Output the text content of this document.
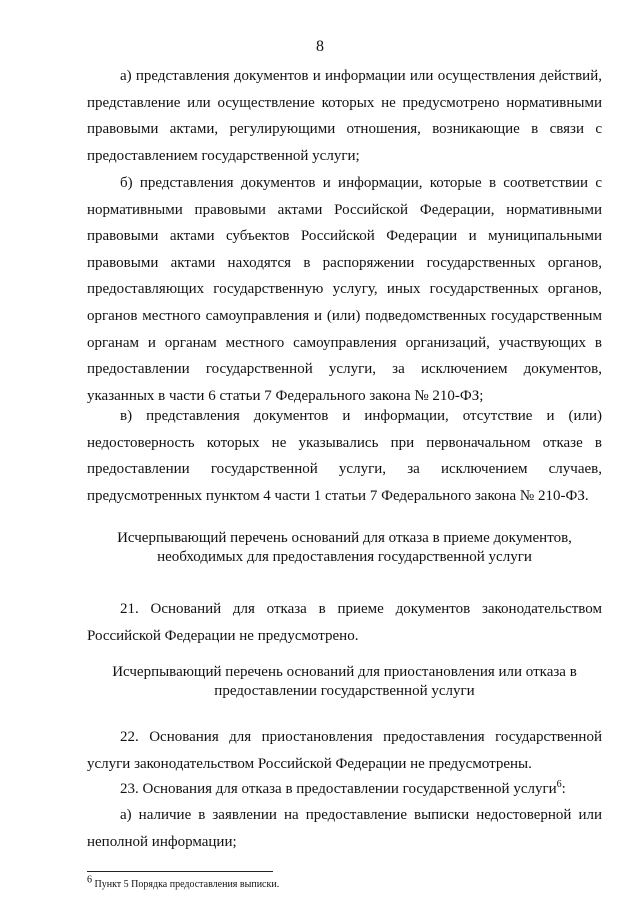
8

а) представления документов и информации или осуществления действий, представление или осуществление которых не предусмотрено нормативными правовыми актами, регулирующими отношения, возникающие в связи с предоставлением государственной услуги;

б) представления документов и информации, которые в соответствии с нормативными правовыми актами Российской Федерации, нормативными правовыми актами субъектов Российской Федерации и муниципальными правовыми актами находятся в распоряжении государственных органов, предоставляющих государственную услугу, иных государственных органов, органов местного самоуправления и (или) подведомственных государственным органам и органам местного самоуправления организаций, участвующих в предоставлении государственной услуги, за исключением документов, указанных в части 6 статьи 7 Федерального закона № 210-ФЗ;

в) представления документов и информации, отсутствие и (или) недостоверность которых не указывались при первоначальном отказе в предоставлении государственной услуги, за исключением случаев, предусмотренных пунктом 4 части 1 статьи 7 Федерального закона № 210-ФЗ.

Исчерпывающий перечень оснований для отказа в приеме документов, необходимых для предоставления государственной услуги

21. Оснований для отказа в приеме документов законодательством Российской Федерации не предусмотрено.

Исчерпывающий перечень оснований для приостановления или отказа в предоставлении государственной услуги

22. Основания для приостановления предоставления государственной услуги законодательством Российской Федерации не предусмотрены.

23. Основания для отказа в предоставлении государственной услуги$^6$:

а) наличие в заявлении на предоставление выписки недостоверной или неполной информации;

$^6$ Пункт 5 Порядка предоставления выписки.
